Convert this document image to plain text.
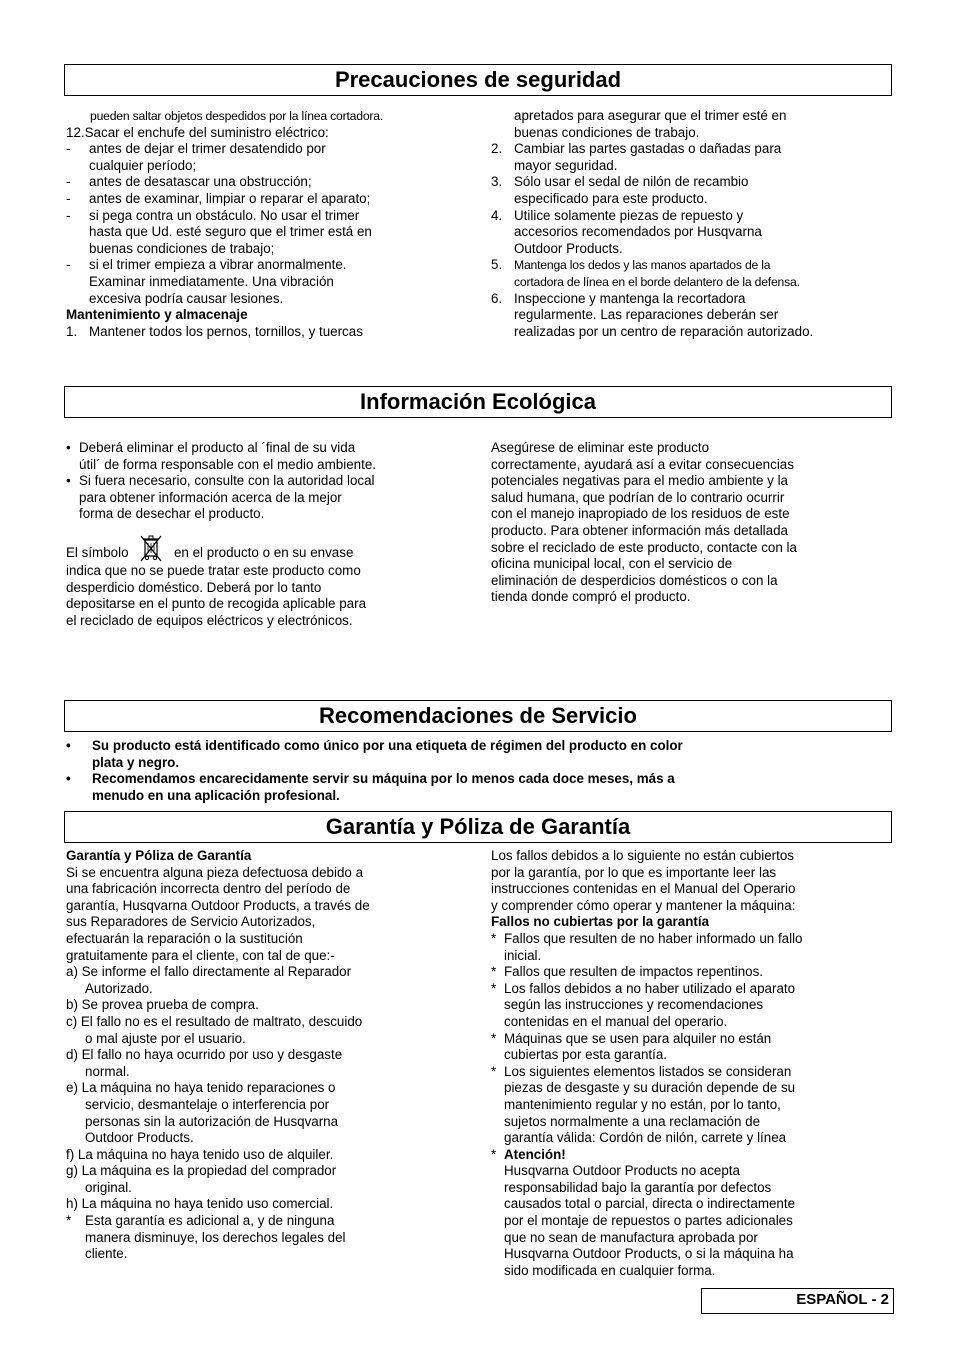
Precauciones de seguridad
Información Ecológica
Recomendaciones de Servicio
Garantía y Póliza de Garantía
pueden saltar objetos despedidos por la línea cortadora.
12.Sacar el enchufe del suministro eléctrico:
-	antes de dejar el trimer desatendido por
cualquier período;
-	antes de desatascar una obstrucción;
-	antes de examinar, limpiar o reparar el aparato;
-	si pega contra un obstáculo. No usar el trimer
hasta que Ud. esté seguro que el trimer está en
buenas condiciones de trabajo;
-	si el trimer empieza a vibrar anormalmente.
Examinar inmediatamente. Una vibración
excesiva podría causar lesiones.
Mantenimiento y almacenaje
1. Mantener todos los pernos, tornillos, y tuercas
apretados para asegurar que el trimer esté en
buenas condiciones de trabajo.
2. Cambiar las partes gastadas o dañadas para
mayor seguridad.
3. Sólo usar el sedal de nilón de recambio
especificado para este producto.
4. Utilice solamente piezas de repuesto y
accesorios recomendados por Husqvarna
Outdoor Products.
5. Mantenga los dedos y las manos apartados de la
cortadora de línea en el borde delantero de la defensa.
6. Inspeccione y mantenga la recortadora
regularmente. Las reparaciones deberán ser
realizadas por un centro de reparación autorizado.
• Deberá eliminar el producto al ´final de su vida
útil´ de forma responsable con el medio ambiente.
• Si fuera necesario, consulte con la autoridad local
para obtener información acerca de la mejor
forma de desechar el producto.
El símbolo	en el producto o en su envase
indica que no se puede tratar este producto como
desperdicio doméstico. Deberá por lo tanto
depositarse en el punto de recogida aplicable para
el reciclado de equipos eléctricos y electrónicos.
Asegúrese de eliminar este producto
correctamente, ayudará así a evitar consecuencias
potenciales negativas para el medio ambiente y la
salud humana, que podrían de lo contrario ocurrir
con el manejo inapropiado de los residuos de este
producto. Para obtener información más detallada
sobre el reciclado de este producto, contacte con la
oficina municipal local, con el servicio de
eliminación de desperdicios domésticos o con la
tienda donde compró el producto.
•	Su producto está identificado como único por una etiqueta de régimen del producto en color
plata y negro.
•	Recomendamos encarecidamente servir su máquina por lo menos cada doce meses, más a
menudo en una aplicación profesional.
Garantía y Póliza de Garantía
Si se encuentra alguna pieza defectuosa debido a
una fabricación incorrecta dentro del período de
garantía, Husqvarna Outdoor Products, a través de
sus Reparadores de Servicio Autorizados,
efectuarán la reparación o la sustitución
gratuitamente para el cliente, con tal de que:-
a) Se informe el fallo directamente al Reparador
Autorizado.
b) Se provea prueba de compra.
c) El fallo no es el resultado de maltrato, descuido
o mal ajuste por el usuario.
d) El fallo no haya ocurrido por uso y desgaste
normal.
e) La máquina no haya tenido reparaciones o
servicio, desmantelaje o interferencia por
personas sin la autorización de Husqvarna
Outdoor Products.
f) La máquina no haya tenido uso de alquiler.
g) La máquina es la propiedad del comprador
original.
h) La máquina no haya tenido uso comercial.
*	Esta garantía es adicional a, y de ninguna
manera disminuye, los derechos legales del
cliente.
Los fallos debidos a lo siguiente no están cubiertos
por la garantía, por lo que es importante leer las
instrucciones contenidas en el Manual del Operario
y comprender cómo operar y mantener la máquina:
Fallos no cubiertas por la garantía
* Fallos que resulten de no haber informado un fallo
inicial.
* Fallos que resulten de impactos repentinos.
* Los fallos debidos a no haber utilizado el aparato
según las instrucciones y recomendaciones
contenidas en el manual del operario.
* Máquinas que se usen para alquiler no están
cubiertas por esta garantía.
* Los siguientes elementos listados se consideran
piezas de desgaste y su duración depende de su
mantenimiento regular y no están, por lo tanto,
sujetos normalmente a una reclamación de
garantía válida: Cordón de nilón, carrete y línea
* Atención!
Husqvarna Outdoor Products no acepta
responsabilidad bajo la garantía por defectos
causados total o parcial, directa o indirectamente
por el montaje de repuestos o partes adicionales
que no sean de manufactura aprobada por
Husqvarna Outdoor Products, o si la máquina ha
sido modificada en cualquier forma.
ESPAÑOL - 2
